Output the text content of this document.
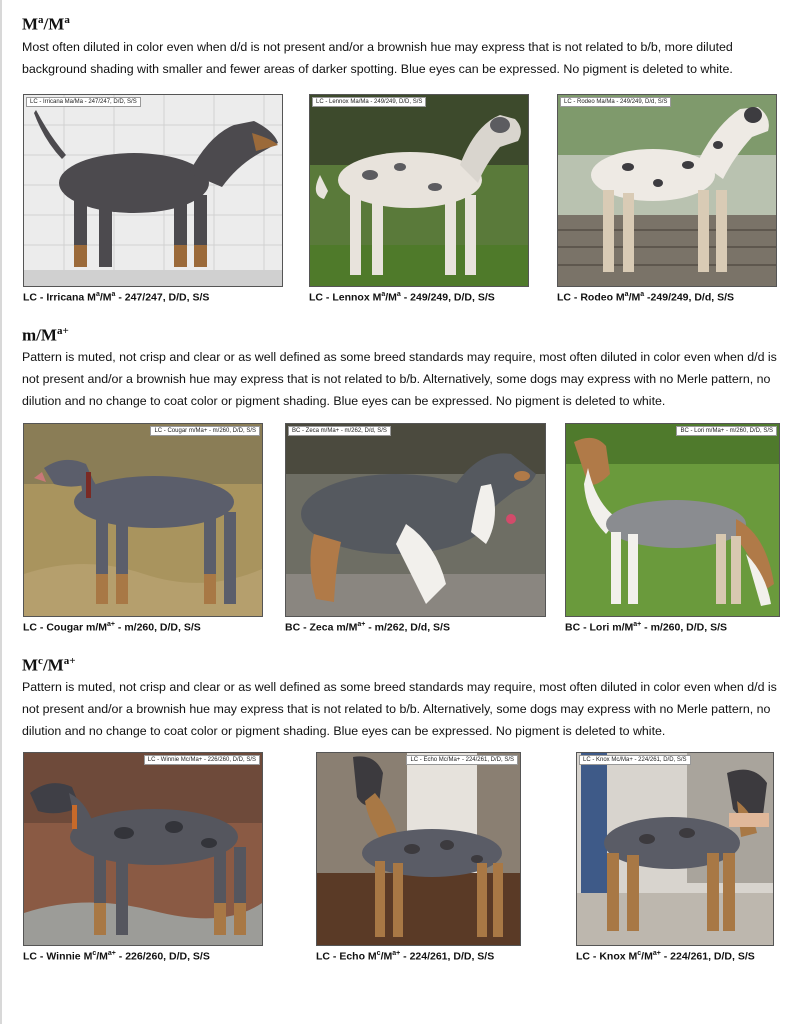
$M^a/M^a$
Most often diluted in color even when d/d is not present and/or a brownish hue may express that is not related to b/b, more diluted background shading with smaller and fewer areas of darker spotting. Blue eyes can be expressed. No pigment is deleted to white.
LC - Irricana Ma/Ma - 247/247, D/D, S/S
LC - Irricana $M^a/M^a - 247/247$, D/D, S/S
LC - Lennox Ma/Ma - 249/249, D/D, S/S
LC - Lennox $M^a/M^a - 249/249$, D/D, S/S
LC - Rodeo Ma/Ma - 249/249, D/d, S/S
LC - Rodeo $M^a/M^a$ -249/249, D/d, S/S
$m/M^{a+}$
Pattern is muted, not crisp and clear or as well defined as some breed standards may require, most often diluted in color even when d/d is not present and/or a brownish hue may express that is not related to b/b. Alternatively, some dogs may express with no Merle pattern, no dilution and no change to coat color or pigment shading. Blue eyes can be expressed. No pigment is deleted to white.
LC - Cougar m/Ma+ - m/260, D/D, S/S
LC - Cougar $m/M^{a+} - m/260$, D/D, S/S
BC - Zeca m/Ma+ - m/262, D/d, S/S
BC - Zeca $m/M^{a+} - m/262$, D/d, S/S
BC - Lori m/Ma+ - m/260, D/D, S/S
BC - Lori $m/M^{a+} - m/260$, D/D, S/S
$M^c/M^{a+}$
Pattern is muted, not crisp and clear or as well defined as some breed standards may require, most often diluted in color even when d/d is not present and/or a brownish hue may express that is not related to b/b. Alternatively, some dogs may express with no Merle pattern, no dilution and no change to coat color or pigment shading. Blue eyes can be expressed. No pigment is deleted to white.
LC - Winnie Mc/Ma+ - 226/260, D/D, S/S
LC - Winnie $M^c/M^{a+} - 226/260$, D/D, S/S
LC - Echo Mc/Ma+ - 224/261, D/D, S/S
LC - Echo $M^c/M^{a+} - 224/261$, D/D, S/S
LC - Knox Mc/Ma+ - 224/261, D/D, S/S
LC - Knox $M^c/M^{a+} - 224/261$, D/D, S/S
